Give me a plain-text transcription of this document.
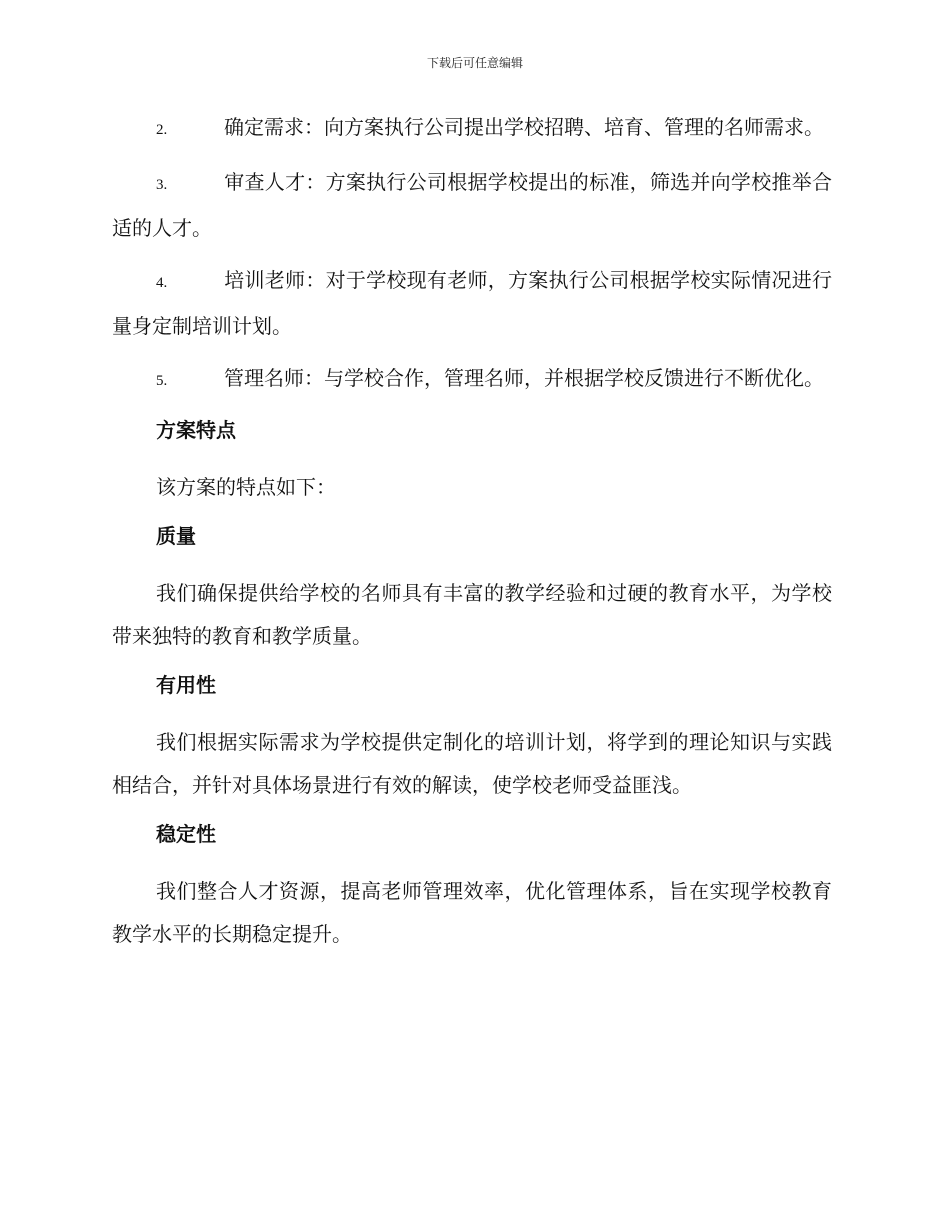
下载后可任意编辑

2.	确定需求：向方案执行公司提出学校招聘、培育、管理的名师需求。

3.	审查人才：方案执行公司根据学校提出的标准，筛选并向学校推举合适的人才。

4.	培训老师：对于学校现有老师，方案执行公司根据学校实际情况进行量身定制培训计划。

5.	管理名师：与学校合作，管理名师，并根据学校反馈进行不断优化。

方案特点

该方案的特点如下：

质量

我们确保提供给学校的名师具有丰富的教学经验和过硬的教育水平，为学校带来独特的教育和教学质量。

有用性

我们根据实际需求为学校提供定制化的培训计划，将学到的理论知识与实践相结合，并针对具体场景进行有效的解读，使学校老师受益匪浅。

稳定性

我们整合人才资源，提高老师管理效率，优化管理体系，旨在实现学校教育教学水平的长期稳定提升。
